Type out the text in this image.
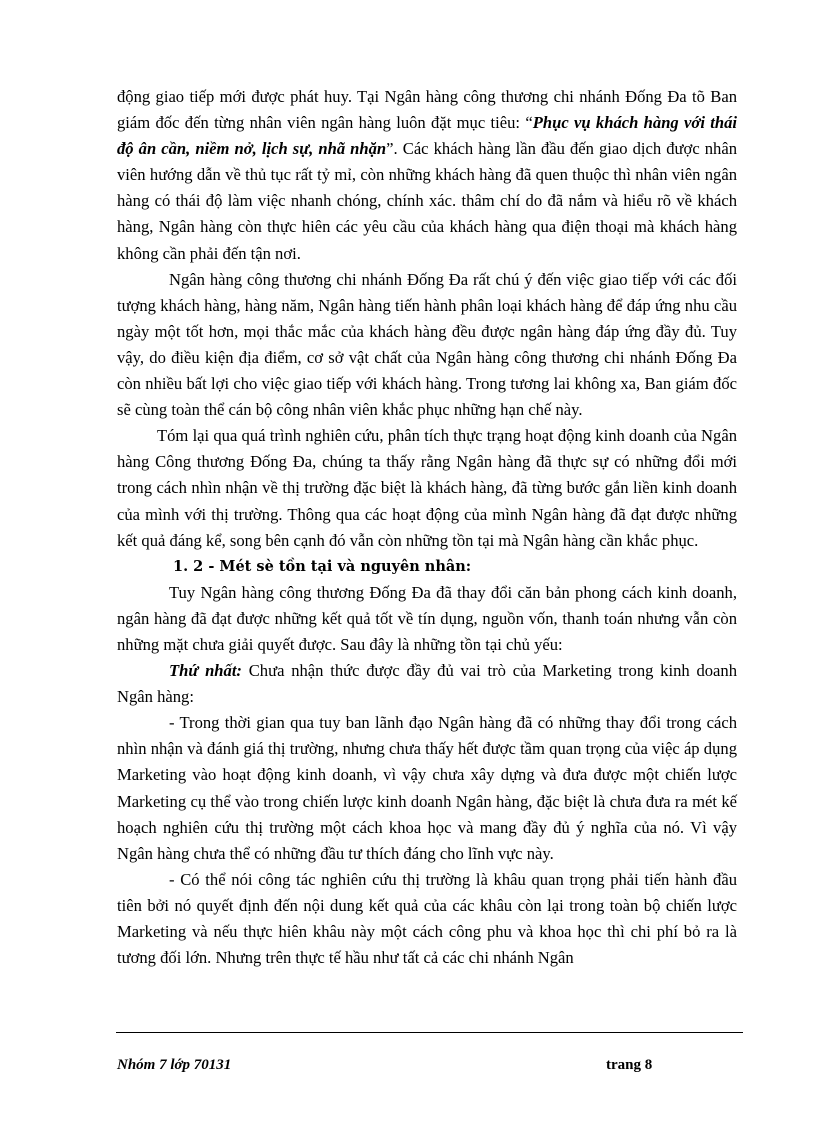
động giao tiếp mới được phát huy. Tại Ngân hàng công thương chi nhánh Đống Đa tõ Ban giám đốc đến từng nhân viên ngân hàng luôn đặt mục tiêu: “Phục vụ khách hàng với thái độ ân cần, niềm nở, lịch sự, nhã nhặn”. Các khách hàng lần đầu đến giao dịch được nhân viên hướng dẫn về thủ tục rất tỷ mỉ, còn những khách hàng đã quen thuộc thì nhân viên ngân hàng có thái độ làm việc nhanh chóng, chính xác. thâm chí do đã nắm và hiểu rõ về khách hàng, Ngân hàng còn thực hiên các yêu cầu của khách hàng qua điện thoại mà khách hàng không cần phải đến tận nơi.

Ngân hàng công thương chi nhánh Đống Đa rất chú ý đến việc giao tiếp với các đối tượng khách hàng, hàng năm, Ngân hàng tiến hành phân loại khách hàng để đáp ứng nhu cầu ngày một tốt hơn, mọi thắc mắc của khách hàng đều được ngân hàng đáp ứng đầy đủ. Tuy vậy, do điều kiện địa điểm, cơ sở vật chất của Ngân hàng công thương chi nhánh Đống Đa còn nhiều bất lợi cho việc giao tiếp với khách hàng. Trong tương lai không xa, Ban giám đốc sẽ cùng toàn thể cán bộ công nhân viên khắc phục những hạn chế này.

Tóm lại qua quá trình nghiên cứu, phân tích thực trạng hoạt động kinh doanh của Ngân hàng Công thương Đống Đa, chúng ta thấy rằng Ngân hàng đã thực sự có những đổi mới trong cách nhìn nhận về thị trường đặc biệt là khách hàng, đã từng bước gắn liền kinh doanh của mình với thị trường. Thông qua các hoạt động của mình Ngân hàng đã đạt được những kết quả đáng kể, song bên cạnh đó vẫn còn những tồn tại mà Ngân hàng cần khắc phục.

1. 2 - Mét sè tồn tại và nguyên nhân:

Tuy Ngân hàng công thương Đống Đa đã thay đổi căn bản phong cách kinh doanh, ngân hàng đã đạt được những kết quả tốt về tín dụng, nguồn vốn, thanh toán nhưng vẫn còn những mặt chưa giải quyết được. Sau đây là những tồn tại chủ yếu:

Thứ nhất: Chưa nhận thức được đầy đủ vai trò của Marketing trong kinh doanh Ngân hàng:

- Trong thời gian qua tuy ban lãnh đạo Ngân hàng đã có những thay đổi trong cách nhìn nhận và đánh giá thị trường, nhưng chưa thấy hết được tầm quan trọng của việc áp dụng Marketing vào hoạt động kinh doanh, vì vậy chưa xây dựng và đưa được một chiến lược Marketing cụ thể vào trong chiến lược kinh doanh Ngân hàng, đặc biệt là chưa đưa ra mét kế hoạch nghiên cứu thị trường một cách khoa học và mang đầy đủ ý nghĩa của nó. Vì vậy Ngân hàng chưa thể có những đầu tư thích đáng cho lĩnh vực này.

- Có thể nói công tác nghiên cứu thị trường là khâu quan trọng phải tiến hành đầu tiên bởi nó quyết định đến nội dung kết quả của các khâu còn lại trong toàn bộ chiến lược Marketing và nếu thực hiên khâu này một cách công phu và khoa học thì chi phí bỏ ra là tương đối lớn. Nhưng trên thực tế hầu như tất cả các chi nhánh Ngân

Nhóm 7 lớp 70131	trang 8
